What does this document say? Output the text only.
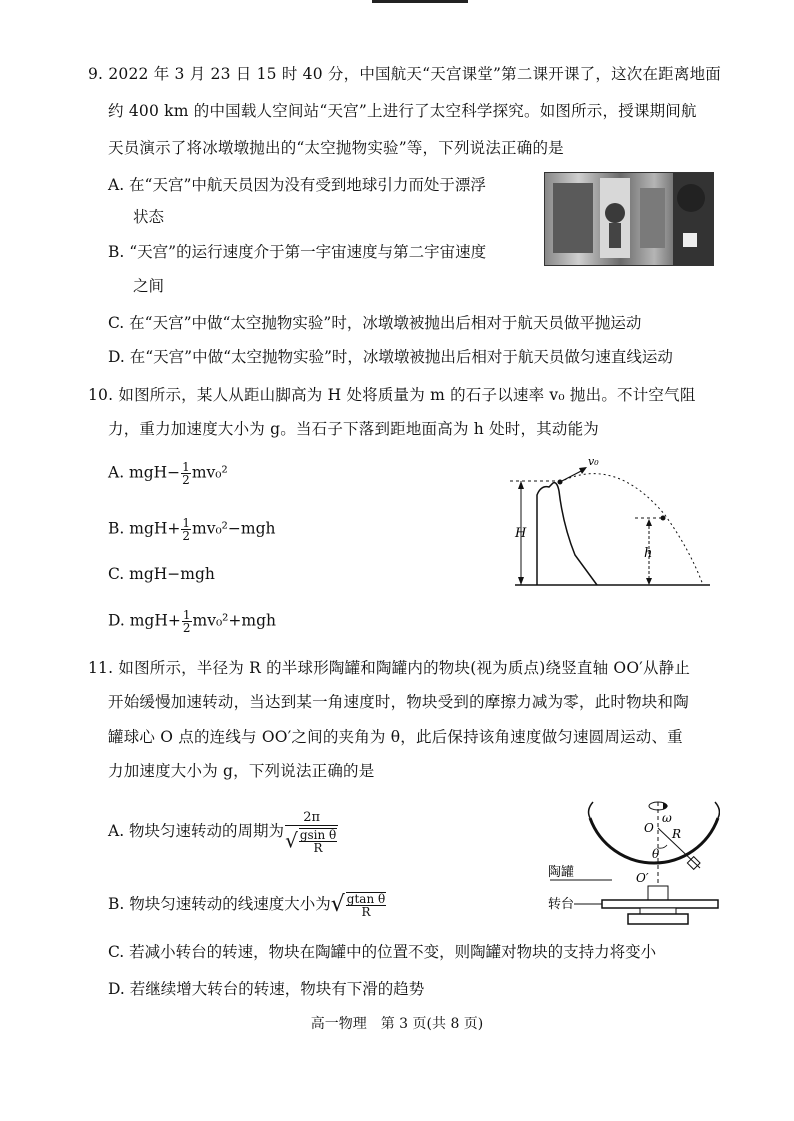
9. 2022 年 3 月 23 日 15 时 40 分，中国航天“天宫课堂”第二课开课了，这次在距离地面
约 400 km 的中国载人空间站“天宫”上进行了太空科学探究。如图所示，授课期间航
天员演示了将冰墩墩抛出的“太空抛物实验”等，下列说法正确的是
A. 在“天宫”中航天员因为没有受到地球引力而处于漂浮
状态
B. “天宫”的运行速度介于第一宇宙速度与第二宇宙速度
之间
C. 在“天宫”中做“太空抛物实验”时，冰墩墩被抛出后相对于航天员做平抛运动
D. 在“天宫”中做“太空抛物实验”时，冰墩墩被抛出后相对于航天员做匀速直线运动
10. 如图所示，某人从距山脚高为 H 处将质量为 m 的石子以速率 v₀ 抛出。不计空气阻
力，重力加速度大小为 g。当石子下落到距地面高为 h 处时，其动能为
A. $mgH- \frac{1}{2} mv_0^2$
B. $mgH+ \frac{1}{2} mv_0^2-mgh$
C. mgH−mgh
D. $mgH+ \frac{1}{2} mv_0^2+mgh$
H
v₀
h
11. 如图所示，半径为 R 的半球形陶罐和陶罐内的物块(视为质点)绕竖直轴 OO′从静止
开始缓慢加速转动，当达到某一角速度时，物块受到的摩擦力减为零，此时物块和陶
罐球心 O 点的连线与 OO′之间的夹角为 θ，此后保持该角速度做匀速圆周运动、重
力加速度大小为 g，下列说法正确的是
A. 物块匀速转动的周期为 $\frac{2\pi}{√ \frac{\text{gsin θ}}{R}}$
B. 物块匀速转动的线速度大小为√ $\frac{\text{gtan θ}}{R}$
C. 若减小转台的转速，物块在陶罐中的位置不变，则陶罐对物块的支持力将变小
D. 若继续增大转台的转速，物块有下滑的趋势
ω
O R
θ
O′
陶罐
转台
高一物理　第 3 页(共 8 页)
